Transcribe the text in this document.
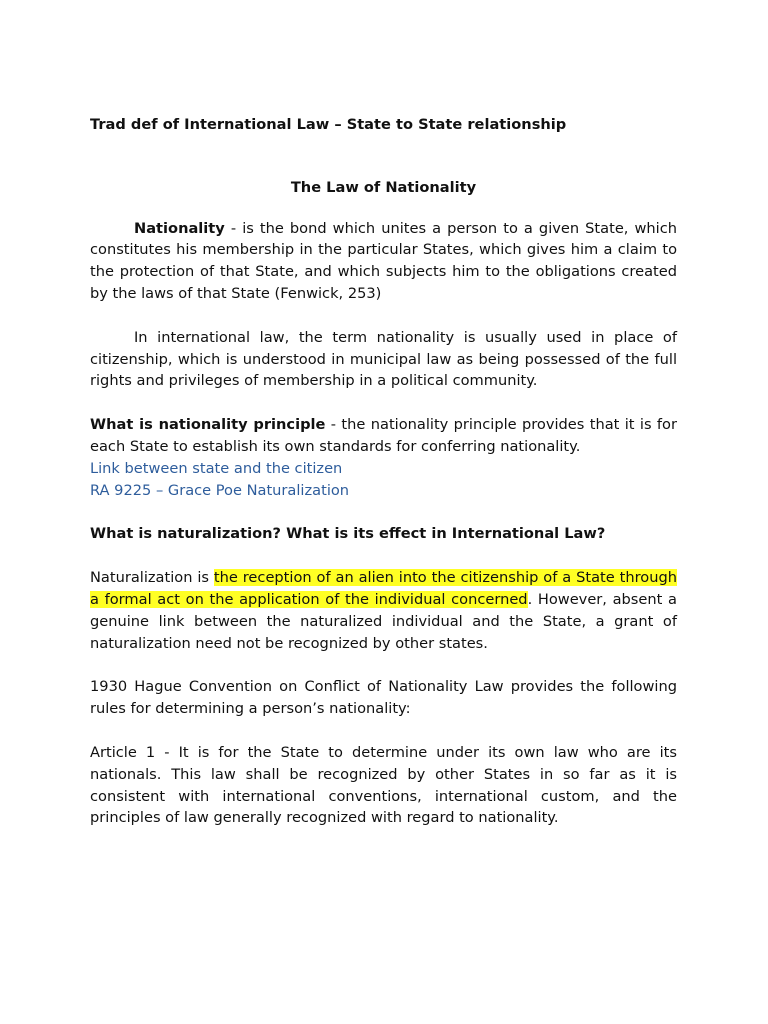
Trad def of International Law – State to State relationship

The Law of Nationality

Nationality - is the bond which unites a person to a given State, which constitutes his membership in the particular States, which gives him a claim to the protection of that State, and which subjects him to the obligations created by the laws of that State (Fenwick, 253)

In international law, the term nationality is usually used in place of citizenship, which is understood in municipal law as being possessed of the full rights and privileges of membership in a political community.

What is nationality principle - the nationality principle provides that it is for each State to establish its own standards for conferring nationality.

Link between state and the citizen

RA 9225 – Grace Poe Naturalization

What is naturalization? What is its effect in International Law?

Naturalization is the reception of an alien into the citizenship of a State through a formal act on the application of the individual concerned. However, absent a genuine link between the naturalized individual and the State, a grant of naturalization need not be recognized by other states.

1930 Hague Convention on Conflict of Nationality Law provides the following rules for determining a person’s nationality:

Article 1 - It is for the State to determine under its own law who are its nationals. This law shall be recognized by other States in so far as it is consistent with international conventions, international custom, and the principles of law generally recognized with regard to nationality.
